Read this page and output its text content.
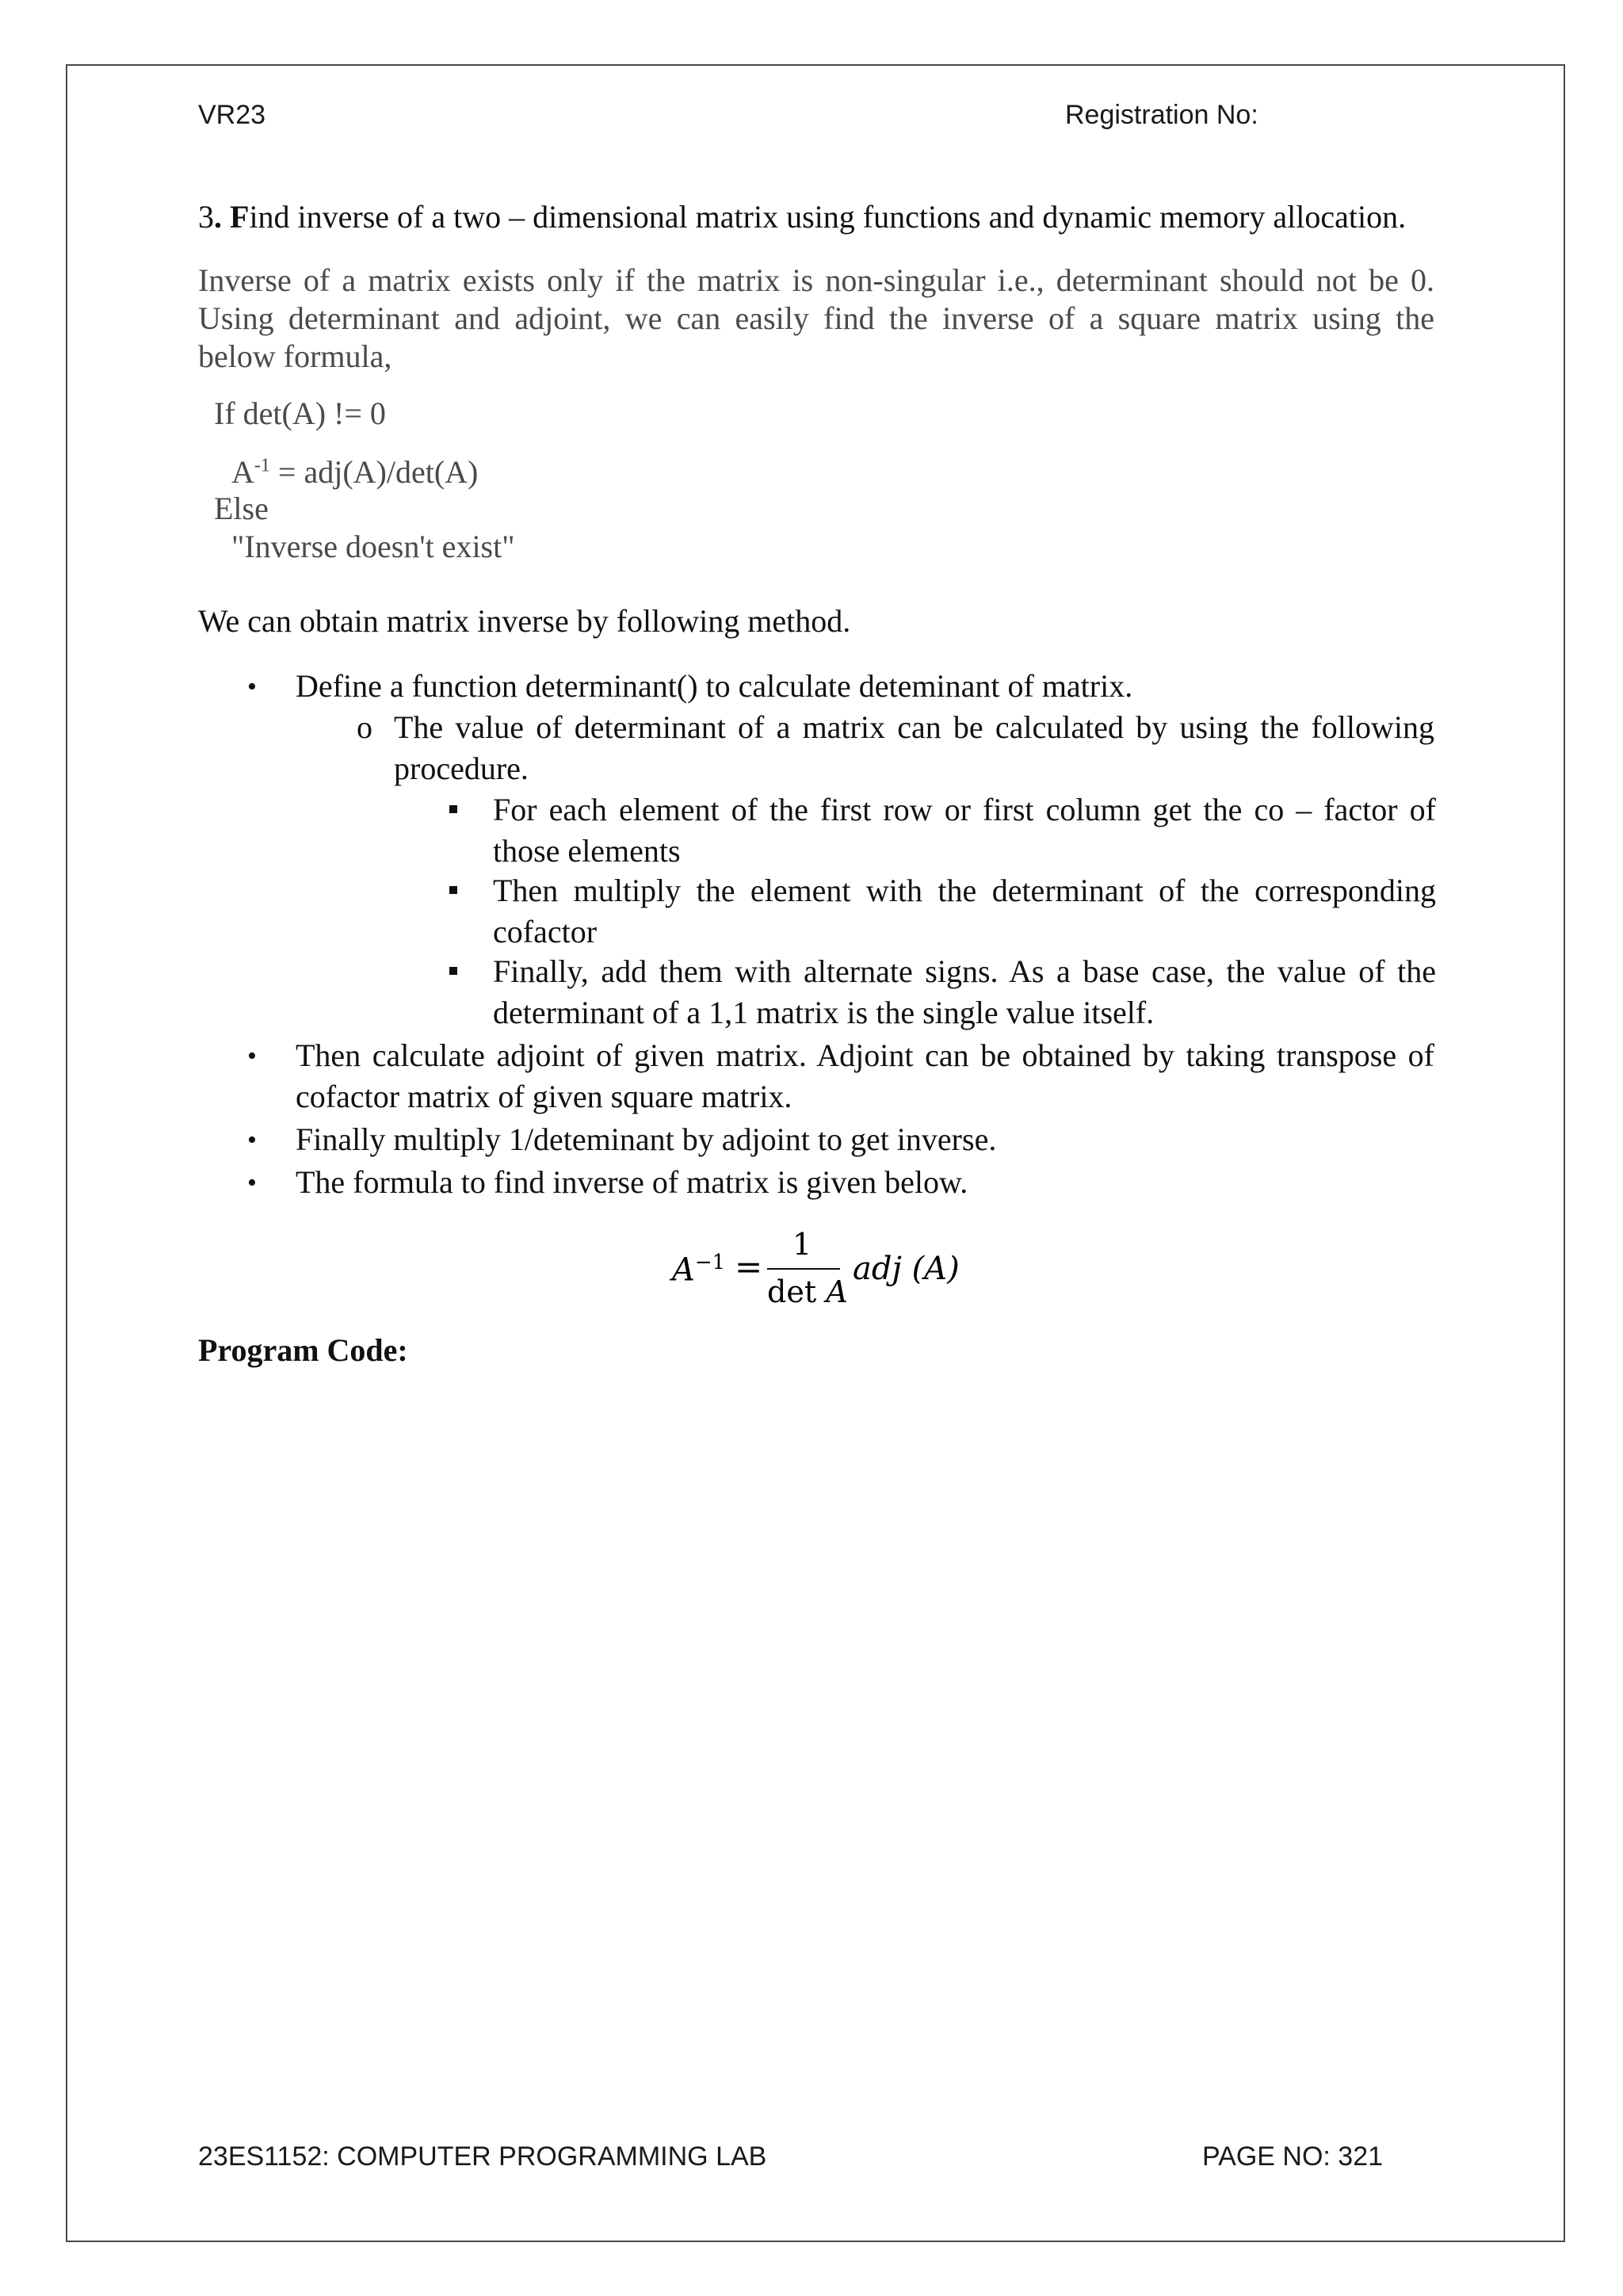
VR23	Registration No:
3. Find inverse of a two – dimensional matrix using functions and dynamic memory allocation.
Inverse of a matrix exists only if the matrix is non-singular i.e., determinant should not be 0.
Using determinant and adjoint, we can easily find the inverse of a square matrix using the
below formula,
If det(A) != 0
$A^{-1} = adj(A)/\det(A)$
Else
"Inverse doesn't exist"
We can obtain matrix inverse by following method.
• Define a function determinant() to calculate deteminant of matrix.
o The value of determinant of a matrix can be calculated by using the following
procedure.
For each element of the first row or first column get the co – factor of
those elements
Then multiply the element with the determinant of the corresponding
cofactor
Finally, add them with alternate signs. As a base case, the value of the
determinant of a 1,1 matrix is the single value itself.
• Then calculate adjoint of given matrix. Adjoint can be obtained by taking transpose of
cofactor matrix of given square matrix.
• Finally multiply 1/deteminant by adjoint to get inverse.
• The formula to find inverse of matrix is given below.
$A^{-1}$ =
1
det A
adj (A)
Program Code:
23ES1152: COMPUTER PROGRAMMING LAB	PAGE NO: 321
